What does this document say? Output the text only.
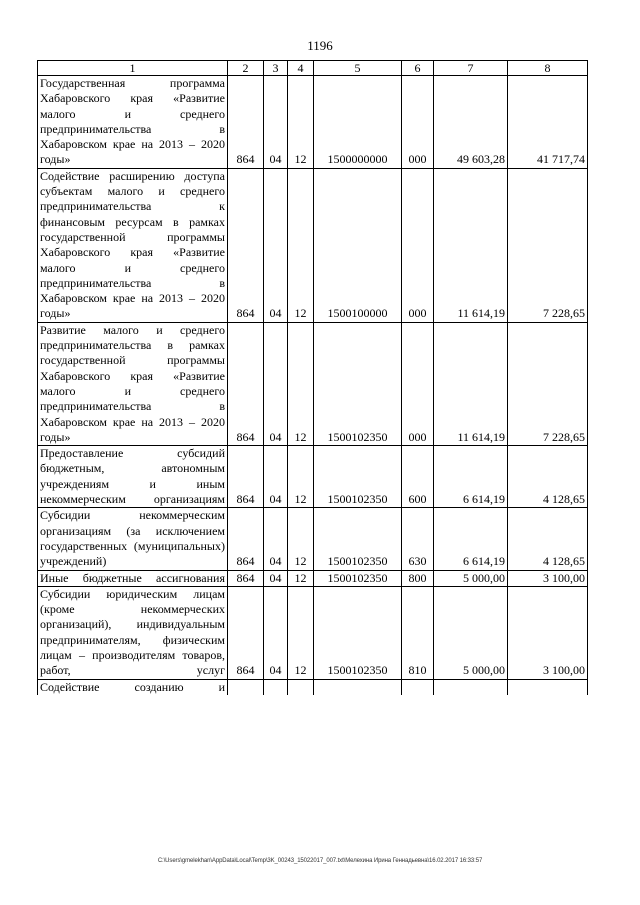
1196
1	2	3	4	5	6	7	8
Государственная программа Хабаровского края «Развитие малого и среднего предпринимательства в Хабаровском крае на 2013 – 2020 годы»	864	04	12	1500000000	000	49 603,28	41 717,74
Содействие расширению доступа субъектам малого и среднего предпринимательства к финансовым ресурсам в рамках государственной программы Хабаровского края «Развитие малого и среднего предпринимательства в Хабаровском крае на 2013 – 2020 годы»	864	04	12	1500100000	000	11 614,19	7 228,65
Развитие малого и среднего предпринимательства в рамках государственной программы Хабаровского края «Развитие малого и среднего предпринимательства в Хабаровском крае на 2013 – 2020 годы»	864	04	12	1500102350	000	11 614,19	7 228,65
Предоставление субсидий бюджетным, автономным учреждениям и иным некоммерческим организациям	864	04	12	1500102350	600	6 614,19	4 128,65
Субсидии некоммерческим организациям (за исключением государственных (муниципальных) учреждений)	864	04	12	1500102350	630	6 614,19	4 128,65
Иные бюджетные ассигнования	864	04	12	1500102350	800	5 000,00	3 100,00
Субсидии юридическим лицам (кроме некоммерческих организаций), индивидуальным предпринимателям, физическим лицам – производителям товаров, работ, услуг	864	04	12	1500102350	810	5 000,00	3 100,00
Содействие созданию и							
C:\Users\gmelekhan\AppData\Local\Temp\3K_00243_15022017_007.txt\Мелехина Ирина Геннадьевна\16.02.2017 16:33:57
